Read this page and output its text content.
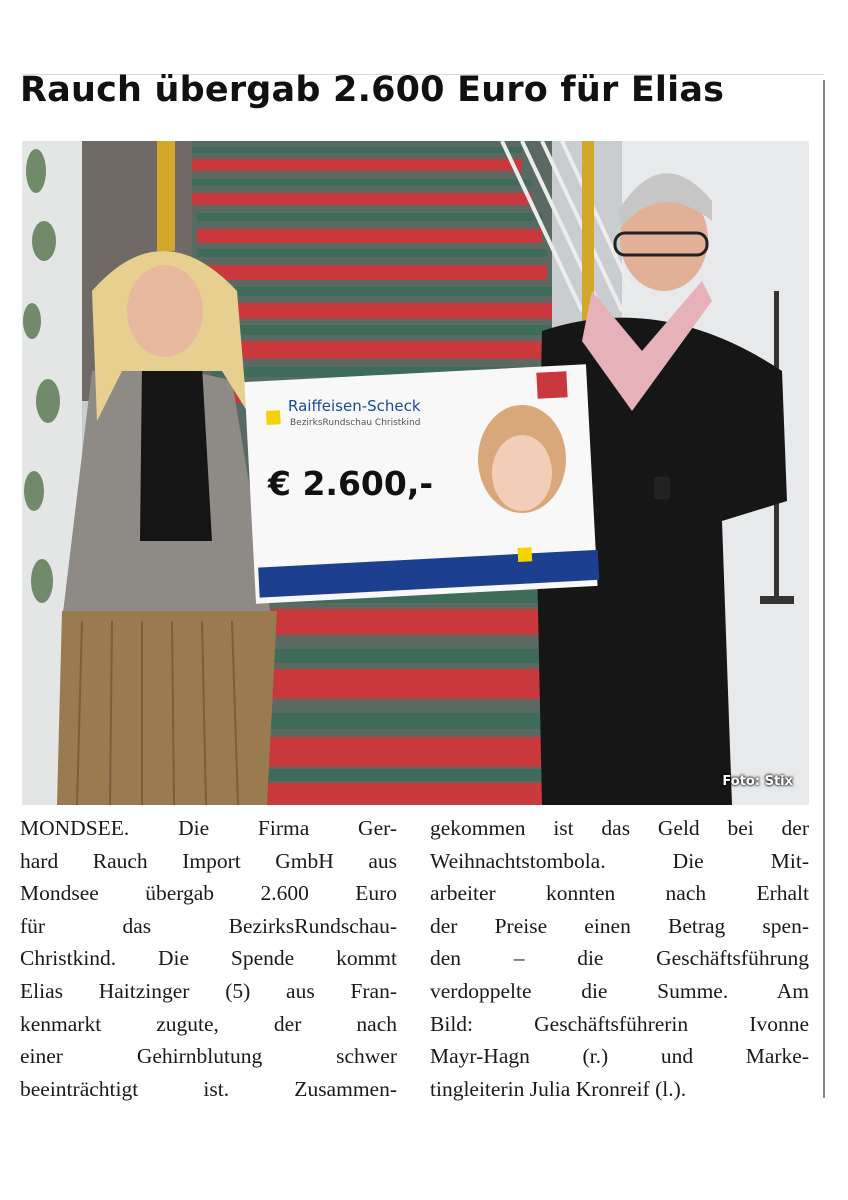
Rauch übergab 2.600 Euro für Elias
Foto: Stix
Raiffeisen-Scheck
BezirksRundschau Christkind
€ 2.600,-
MONDSEE. Die Firma Ger-
hard Rauch Import GmbH aus
Mondsee übergab 2.600 Euro
für das BezirksRundschau-
Christkind. Die Spende kommt
Elias Haitzinger (5) aus Fran-
kenmarkt zugute, der nach
einer Gehirnblutung schwer
beeinträchtigt ist. Zusammen-
gekommen ist das Geld bei der
Weihnachtstombola. Die Mit-
arbeiter konnten nach Erhalt
der Preise einen Betrag spen-
den – die Geschäftsführung
verdoppelte die Summe. Am
Bild: Geschäftsführerin Ivonne
Mayr-Hagn (r.) und Marke-
tingleiterin Julia Kronreif (l.).
